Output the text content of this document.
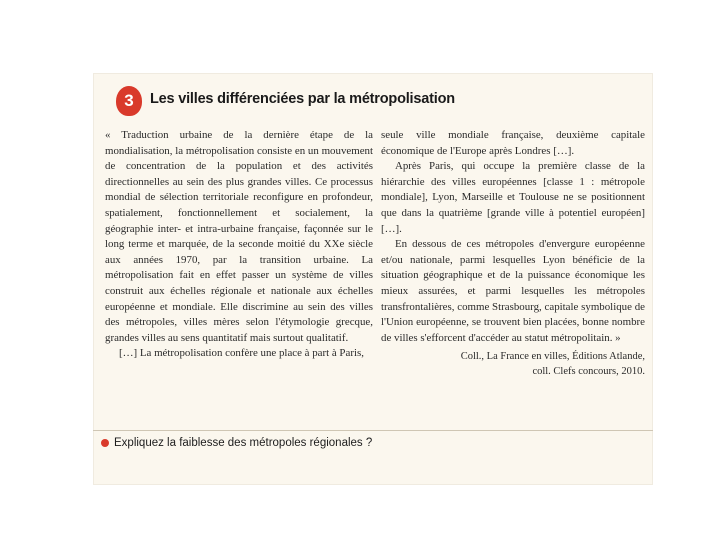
3	Les villes différenciées par la métropolisation

« Traduction urbaine de la dernière étape de la mondialisation, la métropolisation consiste en un mouvement de concentration de la population et des activités directionnelles au sein des plus grandes villes. Ce processus mondial de sélection territoriale reconfigure en profondeur, spatialement, fonctionnellement et socialement, la géographie inter- et intra-urbaine française, façonnée sur le long terme et marquée, de la seconde moitié du XXe siècle aux années 1970, par la transition urbaine. La métropolisation fait en effet passer un système de villes construit aux échelles régionale et nationale aux échelles européenne et mondiale. Elle discrimine au sein des villes des métropoles, villes mères selon l'étymologie grecque, grandes villes au sens quantitatif mais surtout qualitatif.

[…] La métropolisation confère une place à part à Paris,

seule ville mondiale française, deuxième capitale économique de l'Europe après Londres […].

Après Paris, qui occupe la première classe de la hiérarchie des villes européennes [classe 1 : métropole mondiale], Lyon, Marseille et Toulouse ne se positionnent que dans la quatrième [grande ville à potentiel européen] […].

En dessous de ces métropoles d'envergure européenne et/ou nationale, parmi lesquelles Lyon bénéficie de la situation géographique et de la puissance économique les mieux assurées, et parmi lesquelles les métropoles transfrontalières, comme Strasbourg, capitale symbolique de l'Union européenne, se trouvent bien placées, bonne nombre de villes s'efforcent d'accéder au statut métropolitain. »

Coll., La France en villes, Éditions Atlande,
coll. Clefs concours, 2010.
Expliquez la faiblesse des métropoles régionales ?
